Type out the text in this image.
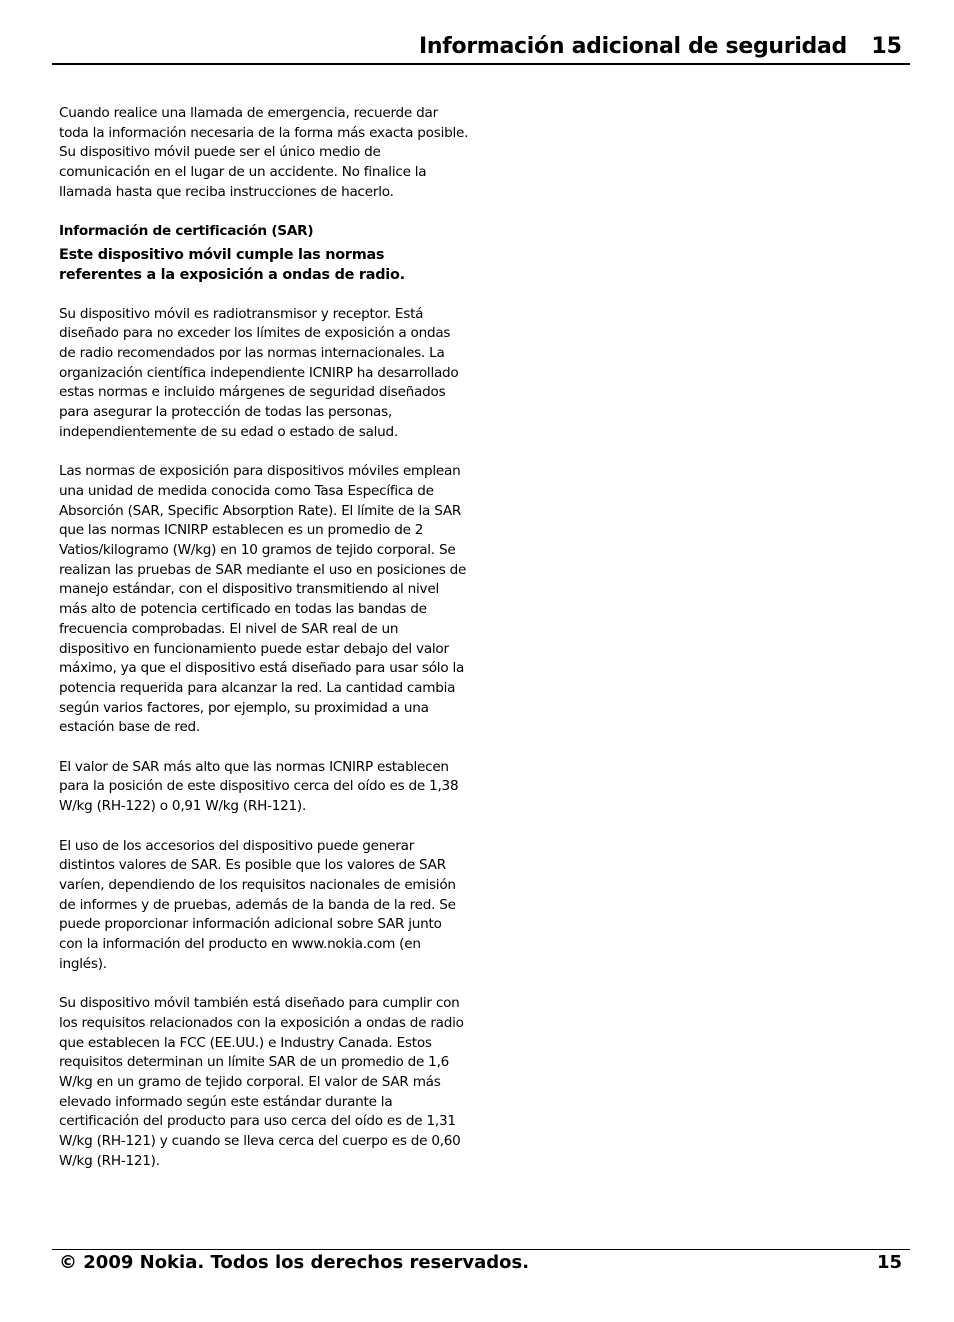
Información adicional de seguridad	15

Cuando realice una llamada de emergencia, recuerde dar toda la información necesaria de la forma más exacta posible. Su dispositivo móvil puede ser el único medio de comunicación en el lugar de un accidente. No finalice la llamada hasta que reciba instrucciones de hacerlo.

Información de certificación (SAR)

Este dispositivo móvil cumple las normas referentes a la exposición a ondas de radio.

Su dispositivo móvil es radiotransmisor y receptor. Está diseñado para no exceder los límites de exposición a ondas de radio recomendados por las normas internacionales. La organización científica independiente ICNIRP ha desarrollado estas normas e incluido márgenes de seguridad diseñados para asegurar la protección de todas las personas, independientemente de su edad o estado de salud.

Las normas de exposición para dispositivos móviles emplean una unidad de medida conocida como Tasa Específica de Absorción (SAR, Specific Absorption Rate). El límite de la SAR que las normas ICNIRP establecen es un promedio de 2 Vatios/kilogramo (W/kg) en 10 gramos de tejido corporal. Se realizan las pruebas de SAR mediante el uso en posiciones de manejo estándar, con el dispositivo transmitiendo al nivel más alto de potencia certificado en todas las bandas de frecuencia comprobadas. El nivel de SAR real de un dispositivo en funcionamiento puede estar debajo del valor máximo, ya que el dispositivo está diseñado para usar sólo la potencia requerida para alcanzar la red. La cantidad cambia según varios factores, por ejemplo, su proximidad a una estación base de red.

El valor de SAR más alto que las normas ICNIRP establecen para la posición de este dispositivo cerca del oído es de 1,38 W/kg (RH-122) o 0,91 W/kg (RH-121).

El uso de los accesorios del dispositivo puede generar distintos valores de SAR. Es posible que los valores de SAR varíen, dependiendo de los requisitos nacionales de emisión de informes y de pruebas, además de la banda de la red. Se puede proporcionar información adicional sobre SAR junto con la información del producto en www.nokia.com (en inglés).

Su dispositivo móvil también está diseñado para cumplir con los requisitos relacionados con la exposición a ondas de radio que establecen la FCC (EE.UU.) e Industry Canada. Estos requisitos determinan un límite SAR de un promedio de 1,6 W/kg en un gramo de tejido corporal. El valor de SAR más elevado informado según este estándar durante la certificación del producto para uso cerca del oído es de 1,31 W/kg (RH-121) y cuando se lleva cerca del cuerpo es de 0,60 W/kg (RH-121).

© 2009 Nokia. Todos los derechos reservados.	15
